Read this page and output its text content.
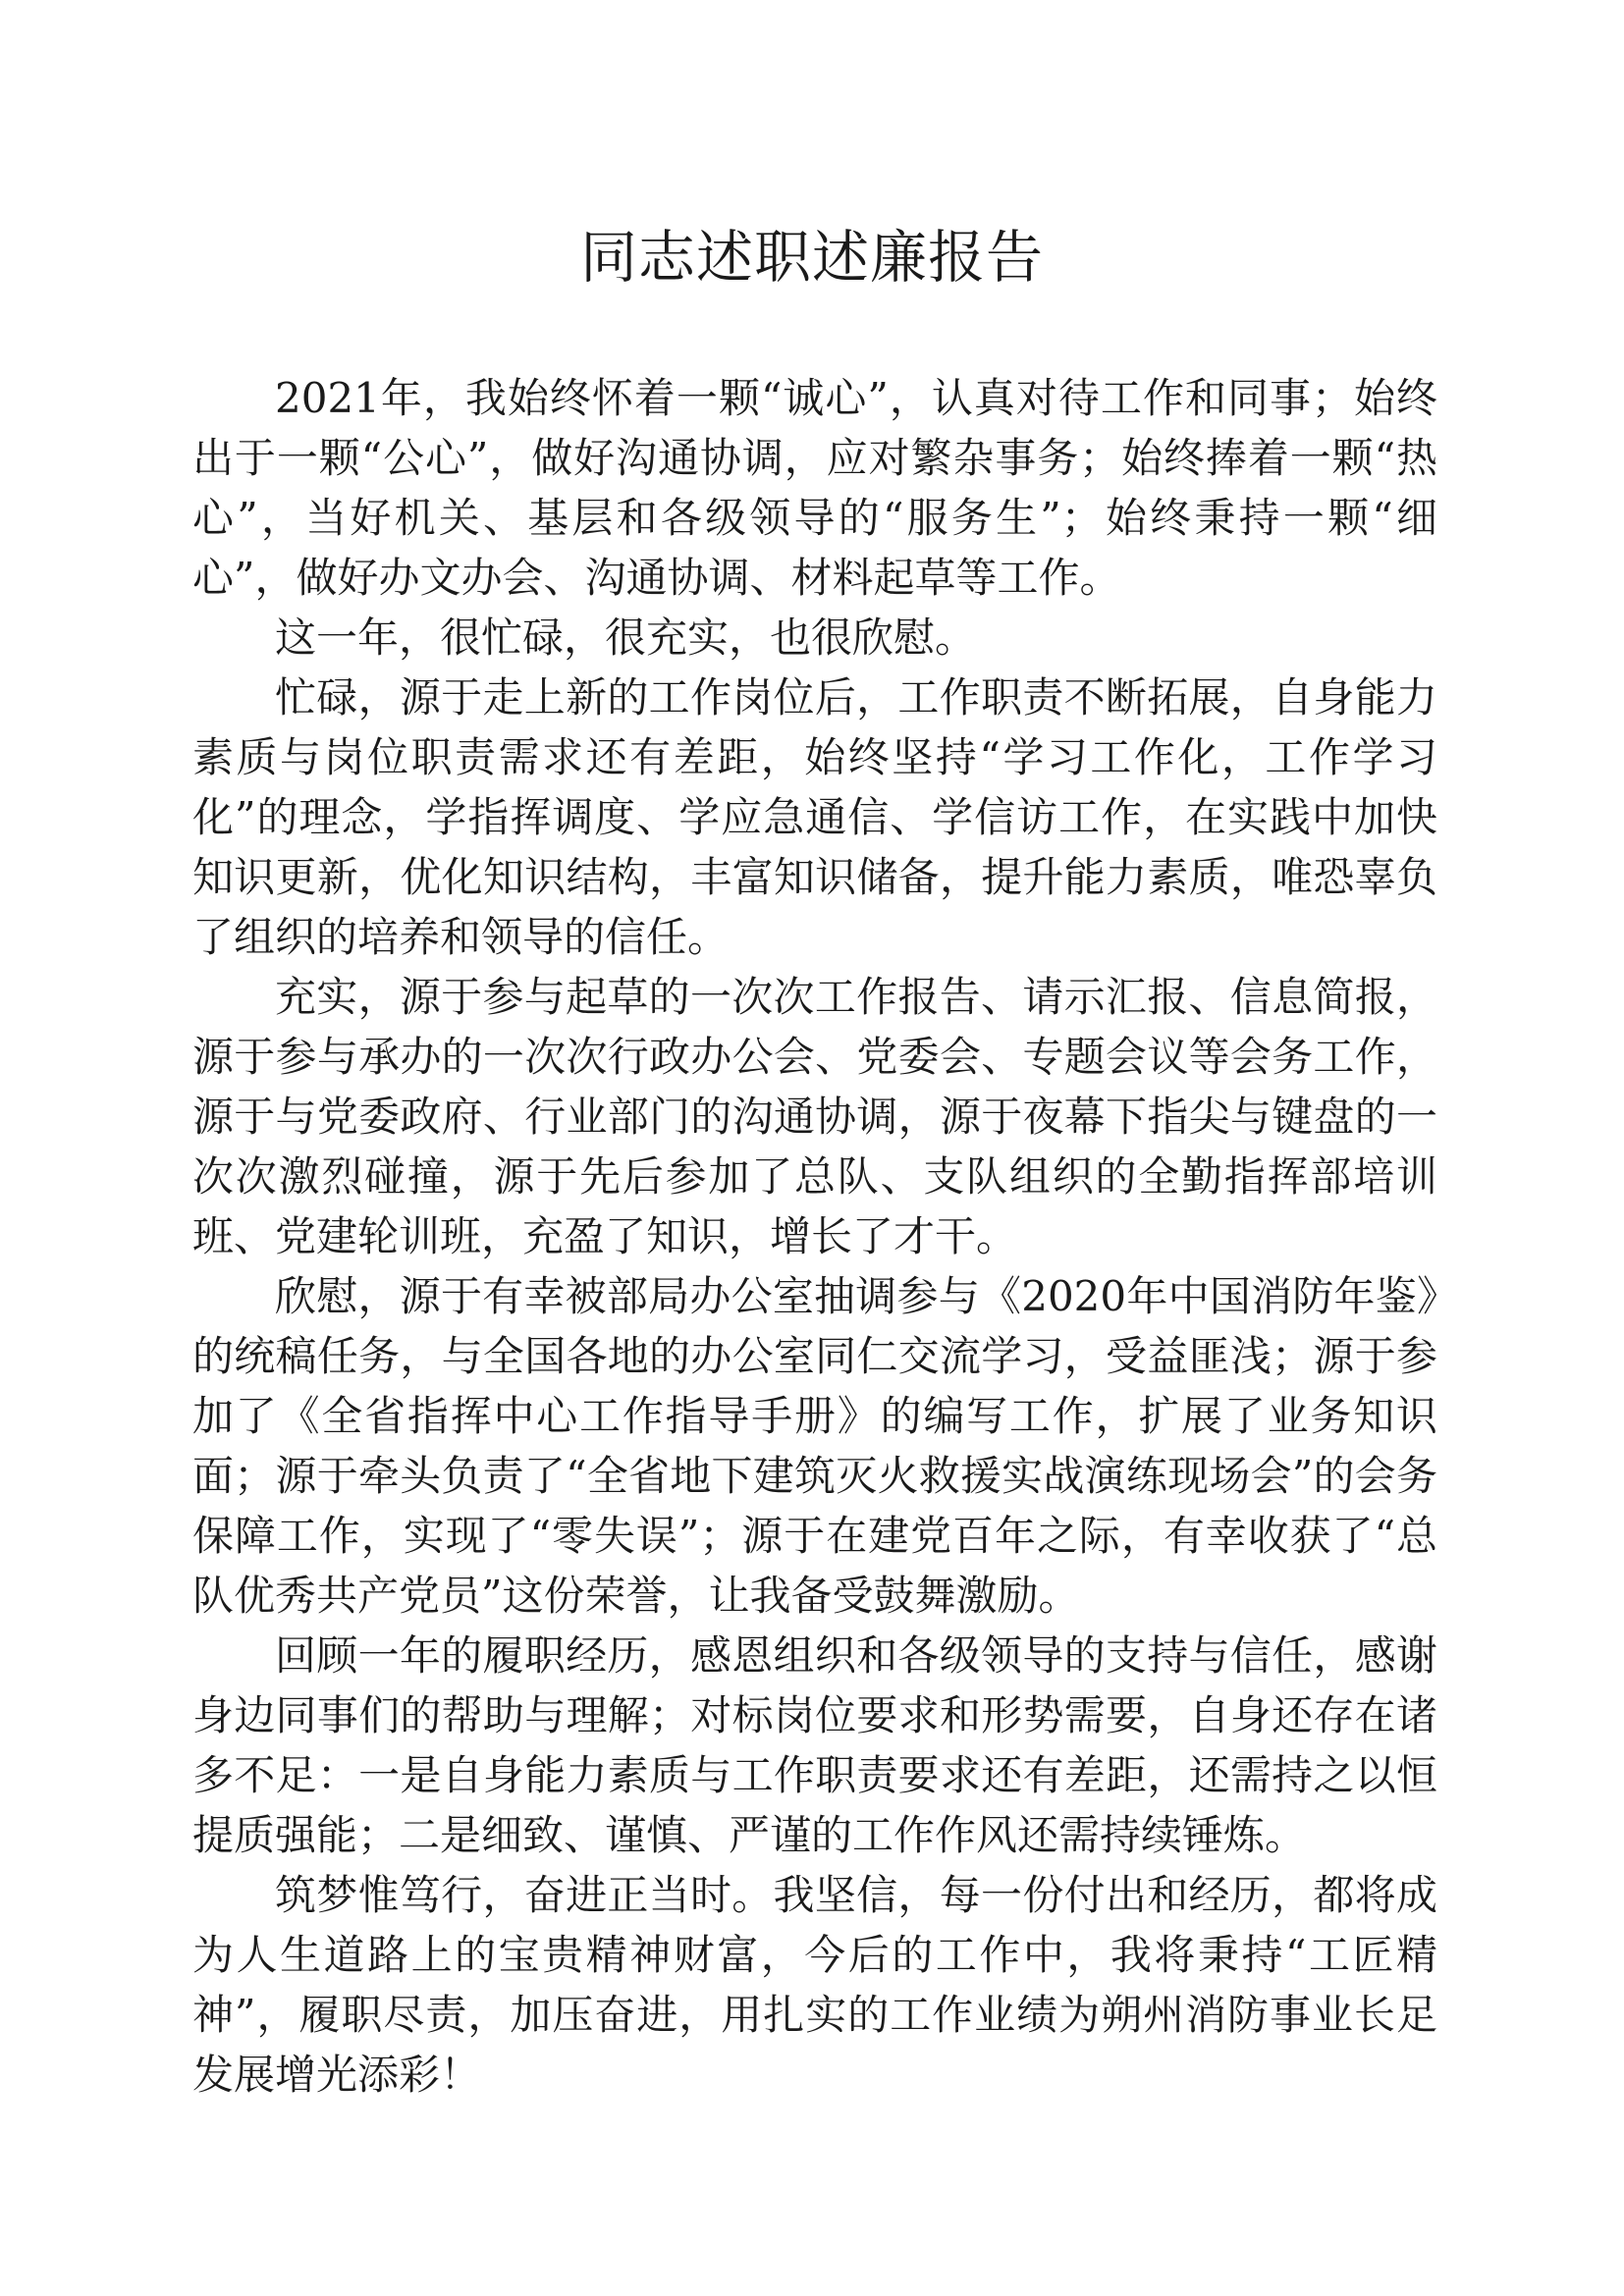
同志述职述廉报告

2021年，我始终怀着一颗“诚心”，认真对待工作和同事；始终出于一颗“公心”，做好沟通协调，应对繁杂事务；始终捧着一颗“热心”，当好机关、基层和各级领导的“服务生”；始终秉持一颗“细心”，做好办文办会、沟通协调、材料起草等工作。

这一年，很忙碌，很充实，也很欣慰。

忙碌，源于走上新的工作岗位后，工作职责不断拓展，自身能力素质与岗位职责需求还有差距，始终坚持“学习工作化，工作学习化”的理念，学指挥调度、学应急通信、学信访工作，在实践中加快知识更新，优化知识结构，丰富知识储备，提升能力素质，唯恐辜负了组织的培养和领导的信任。

充实，源于参与起草的一次次工作报告、请示汇报、信息简报，源于参与承办的一次次行政办公会、党委会、专题会议等会务工作，源于与党委政府、行业部门的沟通协调，源于夜幕下指尖与键盘的一次次激烈碰撞，源于先后参加了总队、支队组织的全勤指挥部培训班、党建轮训班，充盈了知识，增长了才干。

欣慰，源于有幸被部局办公室抽调参与《2020年中国消防年鉴》的统稿任务，与全国各地的办公室同仁交流学习，受益匪浅；源于参加了《全省指挥中心工作指导手册》的编写工作，扩展了业务知识面；源于牵头负责了“全省地下建筑灭火救援实战演练现场会”的会务保障工作，实现了“零失误”；源于在建党百年之际，有幸收获了“总队优秀共产党员”这份荣誉，让我备受鼓舞激励。

回顾一年的履职经历，感恩组织和各级领导的支持与信任，感谢身边同事们的帮助与理解；对标岗位要求和形势需要，自身还存在诸多不足：一是自身能力素质与工作职责要求还有差距，还需持之以恒提质强能；二是细致、谨慎、严谨的工作作风还需持续锤炼。

筑梦惟笃行，奋进正当时。我坚信，每一份付出和经历，都将成为人生道路上的宝贵精神财富，今后的工作中，我将秉持“工匠精神”，履职尽责，加压奋进，用扎实的工作业绩为朔州消防事业长足发展增光添彩！
